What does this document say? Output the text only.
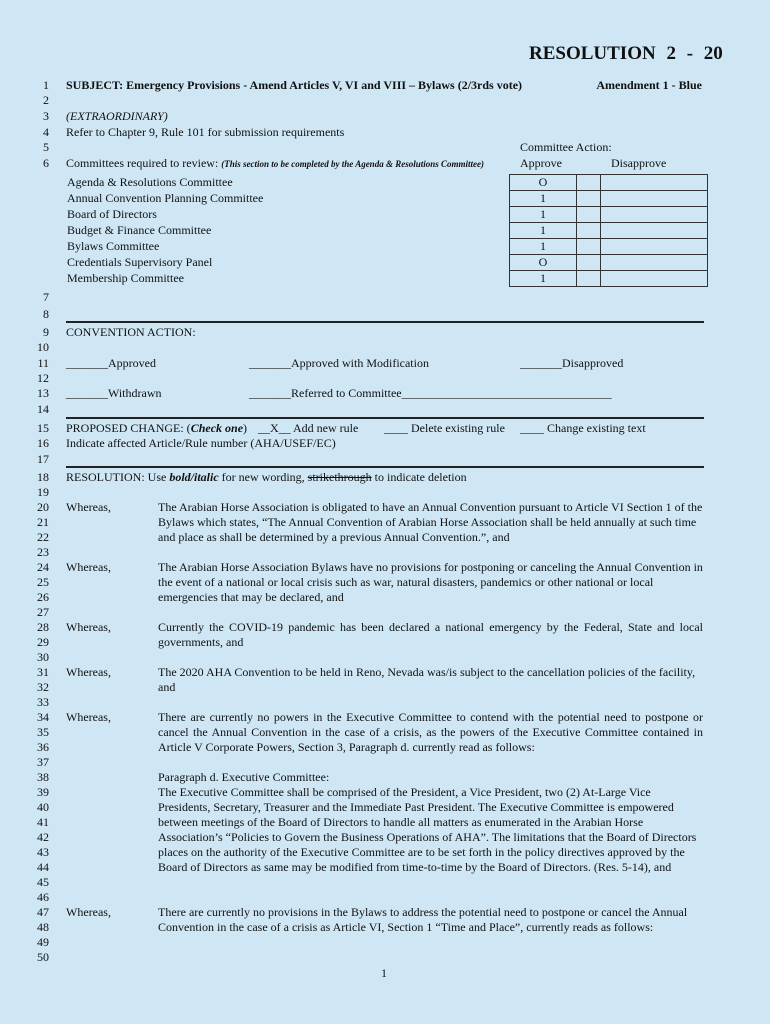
RESOLUTION 2 - 20
1
2
3
4
5
6
7
8
9
10
11
12
13
14
15
16
17
18
19
20
21
22
23
24
25
26
27
28
29
30
31
32
33
34
35
36
37
38
39
40
41
42
43
44
45
46
47
48
49
50
SUBJECT: Emergency Provisions - Amend Articles V, VI and VIII – Bylaws (2/3rds vote)	Amendment 1 - Blue
(EXTRAORDINARY)
Refer to Chapter 9, Rule 101 for submission requirements
Committee Action:
Committees required to review: (This section to be completed by the Agenda & Resolutions Committee)	Approve	Disapprove
Agenda & Resolutions Committee	O		
Annual Convention Planning Committee	1		
Board of Directors	1		
Budget & Finance Committee	1		
Bylaws Committee	1		
Credentials Supervisory Panel	O		
Membership Committee	1		
CONVENTION ACTION:
_______Approved	_______Approved with Modification	_______Disapproved
_______Withdrawn	_______Referred to Committee___________________________________
PROPOSED CHANGE: (Check one) __X__ Add new rule ____ Delete existing rule ____ Change existing text
Indicate affected Article/Rule number (AHA/USEF/EC)
RESOLUTION: Use bold/italic for new wording, strikethrough to indicate deletion
Whereas,	The Arabian Horse Association is obligated to have an Annual Convention pursuant to Article VI Section 1 of the Bylaws which states, “The Annual Convention of Arabian Horse Association shall be held annually at such time and place as shall be determined by a previous Annual Convention.”, and
Whereas,	The Arabian Horse Association Bylaws have no provisions for postponing or canceling the Annual Convention in the event of a national or local crisis such as war, natural disasters, pandemics or other national or local emergencies that may be declared, and
Whereas,	Currently the COVID-19 pandemic has been declared a national emergency by the Federal, State and local governments, and
Whereas,	The 2020 AHA Convention to be held in Reno, Nevada was/is subject to the cancellation policies of the facility, and
Whereas,	There are currently no powers in the Executive Committee to contend with the potential need to postpone or cancel the Annual Convention in the case of a crisis, as the powers of the Executive Committee contained in Article V Corporate Powers, Section 3, Paragraph d. currently read as follows:
Paragraph d. Executive Committee:
The Executive Committee shall be comprised of the President, a Vice President, two (2) At-Large Vice Presidents, Secretary, Treasurer and the Immediate Past President. The Executive Committee is empowered between meetings of the Board of Directors to handle all matters as enumerated in the Arabian Horse Association’s “Policies to Govern the Business Operations of AHA”. The limitations that the Board of Directors places on the authority of the Executive Committee are to be set forth in the policy directives approved by the Board of Directors as same may be modified from time-to-time by the Board of Directors. (Res. 5-14), and
Whereas,	There are currently no provisions in the Bylaws to address the potential need to postpone or cancel the Annual Convention in the case of a crisis as Article VI, Section 1 “Time and Place”, currently reads as follows:
1
